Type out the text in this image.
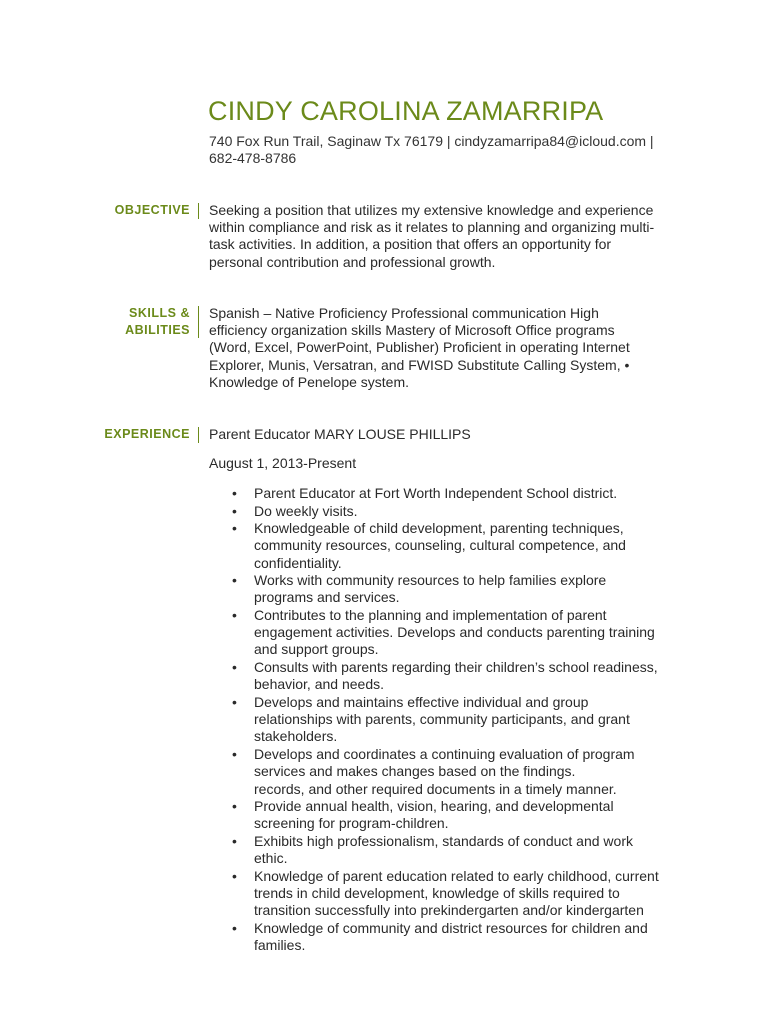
CINDY CAROLINA ZAMARRIPA
740 Fox Run Trail, Saginaw Tx 76179 | cindyzamarripa84@icloud.com | 682-478-8786
OBJECTIVE Seeking a position that utilizes my extensive knowledge and experience within compliance and risk as it relates to planning and organizing multi-task activities. In addition, a position that offers an opportunity for personal contribution and professional growth.
SKILLS &
ABILITIES
Spanish – Native Proficiency Professional communication High efficiency organization skills Mastery of Microsoft Office programs (Word, Excel, PowerPoint, Publisher) Proficient in operating Internet Explorer, Munis, Versatran, and FWISD Substitute Calling System, • Knowledge of Penelope system.
EXPERIENCE Parent Educator MARY LOUSE PHILLIPS
August 1, 2013-Present
• Parent Educator at Fort Worth Independent School district.
• Do weekly visits.
• Knowledgeable of child development, parenting techniques, community resources, counseling, cultural competence, and confidentiality.
• Works with community resources to help families explore programs and services.
• Contributes to the planning and implementation of parent engagement activities. Develops and conducts parenting training and support groups.
• Consults with parents regarding their children’s school readiness, behavior, and needs.
• Develops and maintains effective individual and group relationships with parents, community participants, and grant stakeholders.
• Develops and coordinates a continuing evaluation of program services and makes changes based on the findings.
records, and other required documents in a timely manner.
• Provide annual health, vision, hearing, and developmental screening for program-children.
• Exhibits high professionalism, standards of conduct and work ethic.
• Knowledge of parent education related to early childhood, current trends in child development, knowledge of skills required to transition successfully into prekindergarten and/or kindergarten
• Knowledge of community and district resources for children and families.
